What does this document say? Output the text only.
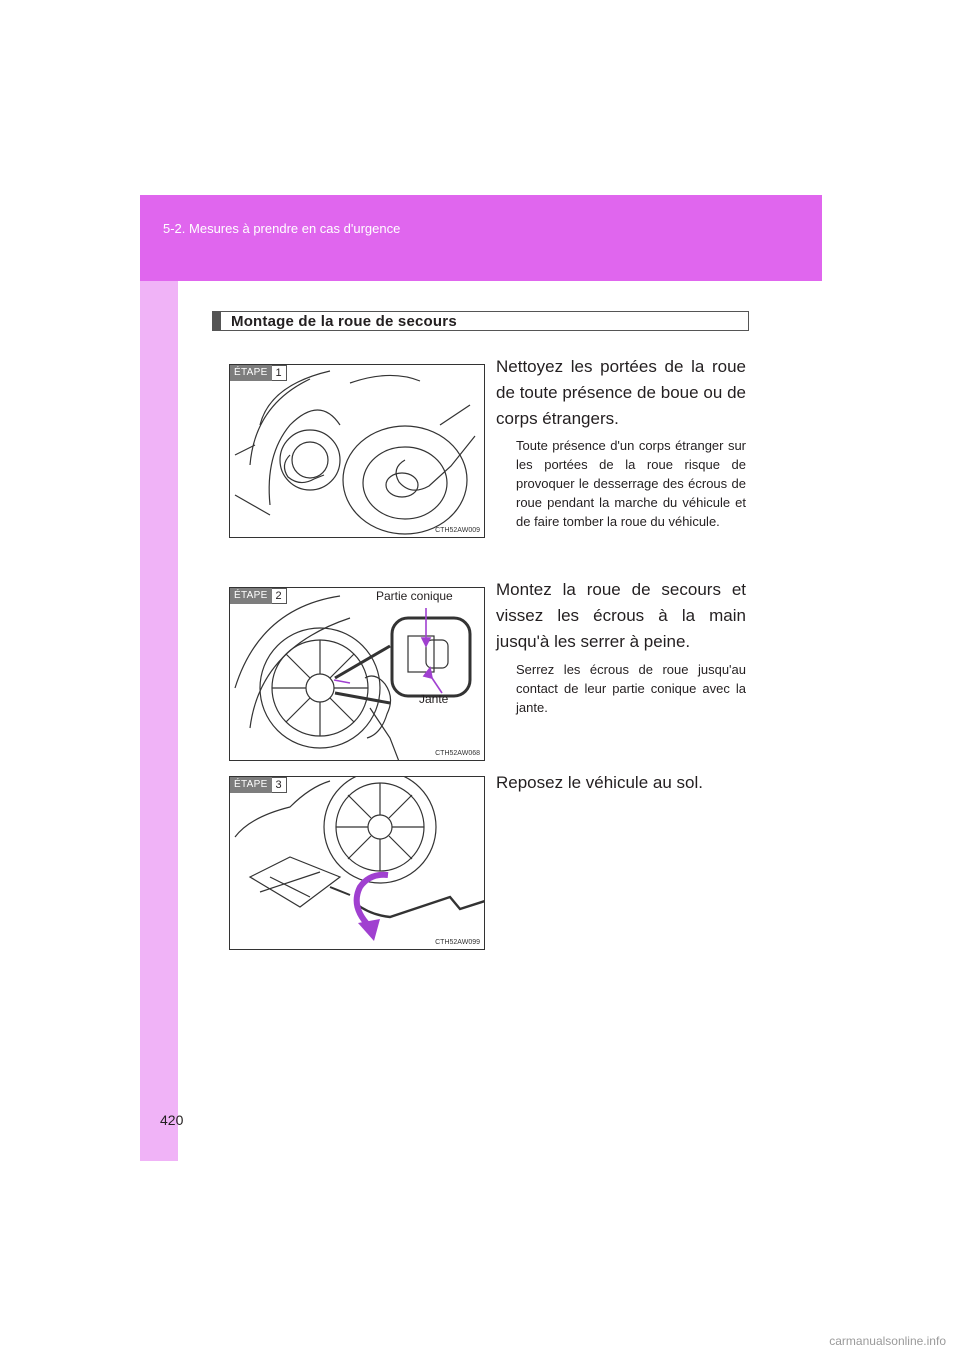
5-2. Mesures à prendre en cas d'urgence
Montage de la roue de secours
ÉTAPE 1
CTH52AW009
Nettoyez les portées de la roue de toute présence de boue ou de corps étrangers.
Toute présence d'un corps étranger sur les portées de la roue risque de provoquer le desserrage des écrous de roue pendant la marche du véhicule et de faire tomber la roue du véhicule.
ÉTAPE 2
CTH52AW068
Partie conique
Jante
Montez la roue de secours et vissez les écrous à la main jusqu'à les serrer à peine.
Serrez les écrous de roue jusqu'au contact de leur partie conique avec la jante.
ÉTAPE 3
CTH52AW099
Reposez le véhicule au sol.
420
carmanualsonline.info
